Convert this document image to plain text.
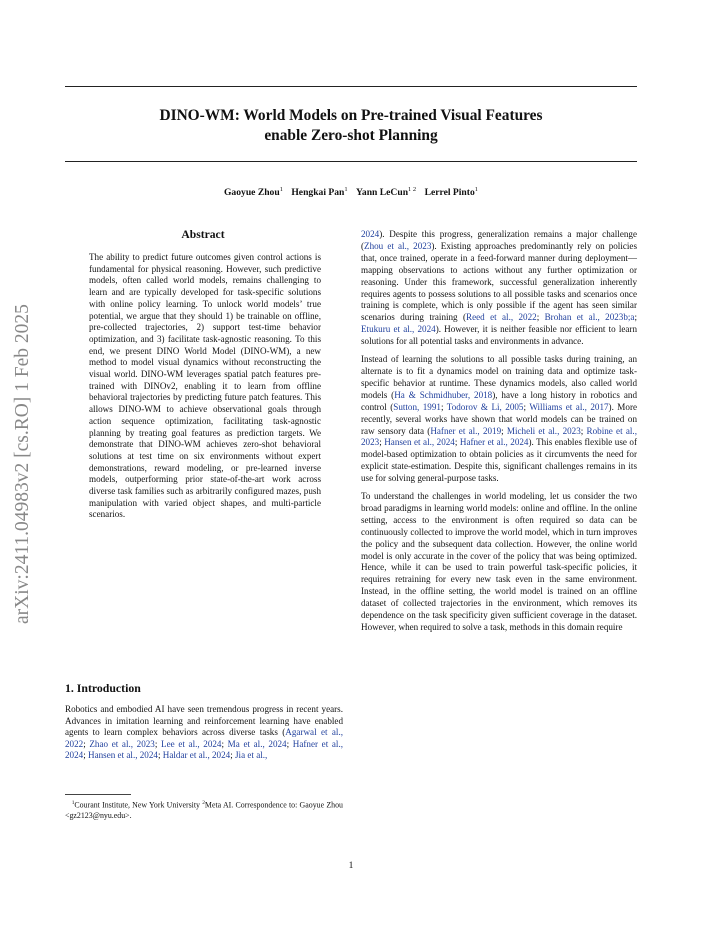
arXiv:2411.04983v2 [cs.RO] 1 Feb 2025
DINO-WM: World Models on Pre-trained Visual Features
enable Zero-shot Planning
Gaoyue Zhou$^1$ Hengkai Pan$^1$ Yann LeCun$^{1 2}$ Lerrel Pinto$^1$
Abstract
The ability to predict future outcomes given control actions is fundamental for physical reasoning. However, such predictive models, often called world models, remains challenging to learn and are typically developed for task-specific solutions with online policy learning. To unlock world models’ true potential, we argue that they should 1) be trainable on offline, pre-collected trajectories, 2) support test-time behavior optimization, and 3) facilitate task-agnostic reasoning. To this end, we present DINO World Model (DINO-WM), a new method to model visual dynamics without reconstructing the visual world. DINO-WM leverages spatial patch features pre-trained with DINOv2, enabling it to learn from offline behavioral trajectories by predicting future patch features. This allows DINO-WM to achieve observational goals through action sequence optimization, facilitating task-agnostic planning by treating goal features as prediction targets. We demonstrate that DINO-WM achieves zero-shot behavioral solutions at test time on six environments without expert demonstrations, reward modeling, or pre-learned inverse models, outperforming prior state-of-the-art work across diverse task families such as arbitrarily configured mazes, push manipulation with varied object shapes, and multi-particle scenarios.
1. Introduction
Robotics and embodied AI have seen tremendous progress in recent years. Advances in imitation learning and reinforcement learning have enabled agents to learn complex behaviors across diverse tasks (Agarwal et al., 2022; Zhao et al., 2023; Lee et al., 2024; Ma et al., 2024; Hafner et al., 2024; Hansen et al., 2024; Haldar et al., 2024; Jia et al.,
$^1$Courant Institute, New York University $^2$Meta AI. Correspondence to: Gaoyue Zhou <gz2123@nyu.edu>.

2024). Despite this progress, generalization remains a major challenge (Zhou et al., 2023). Existing approaches predominantly rely on policies that, once trained, operate in a feed-forward manner during deployment—mapping observations to actions without any further optimization or reasoning. Under this framework, successful generalization inherently requires agents to possess solutions to all possible tasks and scenarios once training is complete, which is only possible if the agent has seen similar scenarios during training (Reed et al., 2022; Brohan et al., 2023b;a; Etukuru et al., 2024). However, it is neither feasible nor efficient to learn solutions for all potential tasks and environments in advance.

Instead of learning the solutions to all possible tasks during training, an alternate is to fit a dynamics model on training data and optimize task-specific behavior at runtime. These dynamics models, also called world models (Ha & Schmidhuber, 2018), have a long history in robotics and control (Sutton, 1991; Todorov & Li, 2005; Williams et al., 2017). More recently, several works have shown that world models can be trained on raw sensory data (Hafner et al., 2019; Micheli et al., 2023; Robine et al., 2023; Hansen et al., 2024; Hafner et al., 2024). This enables flexible use of model-based optimization to obtain policies as it circumvents the need for explicit state-estimation. Despite this, significant challenges remains in its use for solving general-purpose tasks.

To understand the challenges in world modeling, let us consider the two broad paradigms in learning world models: online and offline. In the online setting, access to the environment is often required so data can be continuously collected to improve the world model, which in turn improves the policy and the subsequent data collection. However, the online world model is only accurate in the cover of the policy that was being optimized. Hence, while it can be used to train powerful task-specific policies, it requires retraining for every new task even in the same environment. Instead, in the offline setting, the world model is trained on an offline dataset of collected trajectories in the environment, which removes its dependence on the task specificity given sufficient coverage in the dataset. However, when required to solve a task, methods in this domain require

1
